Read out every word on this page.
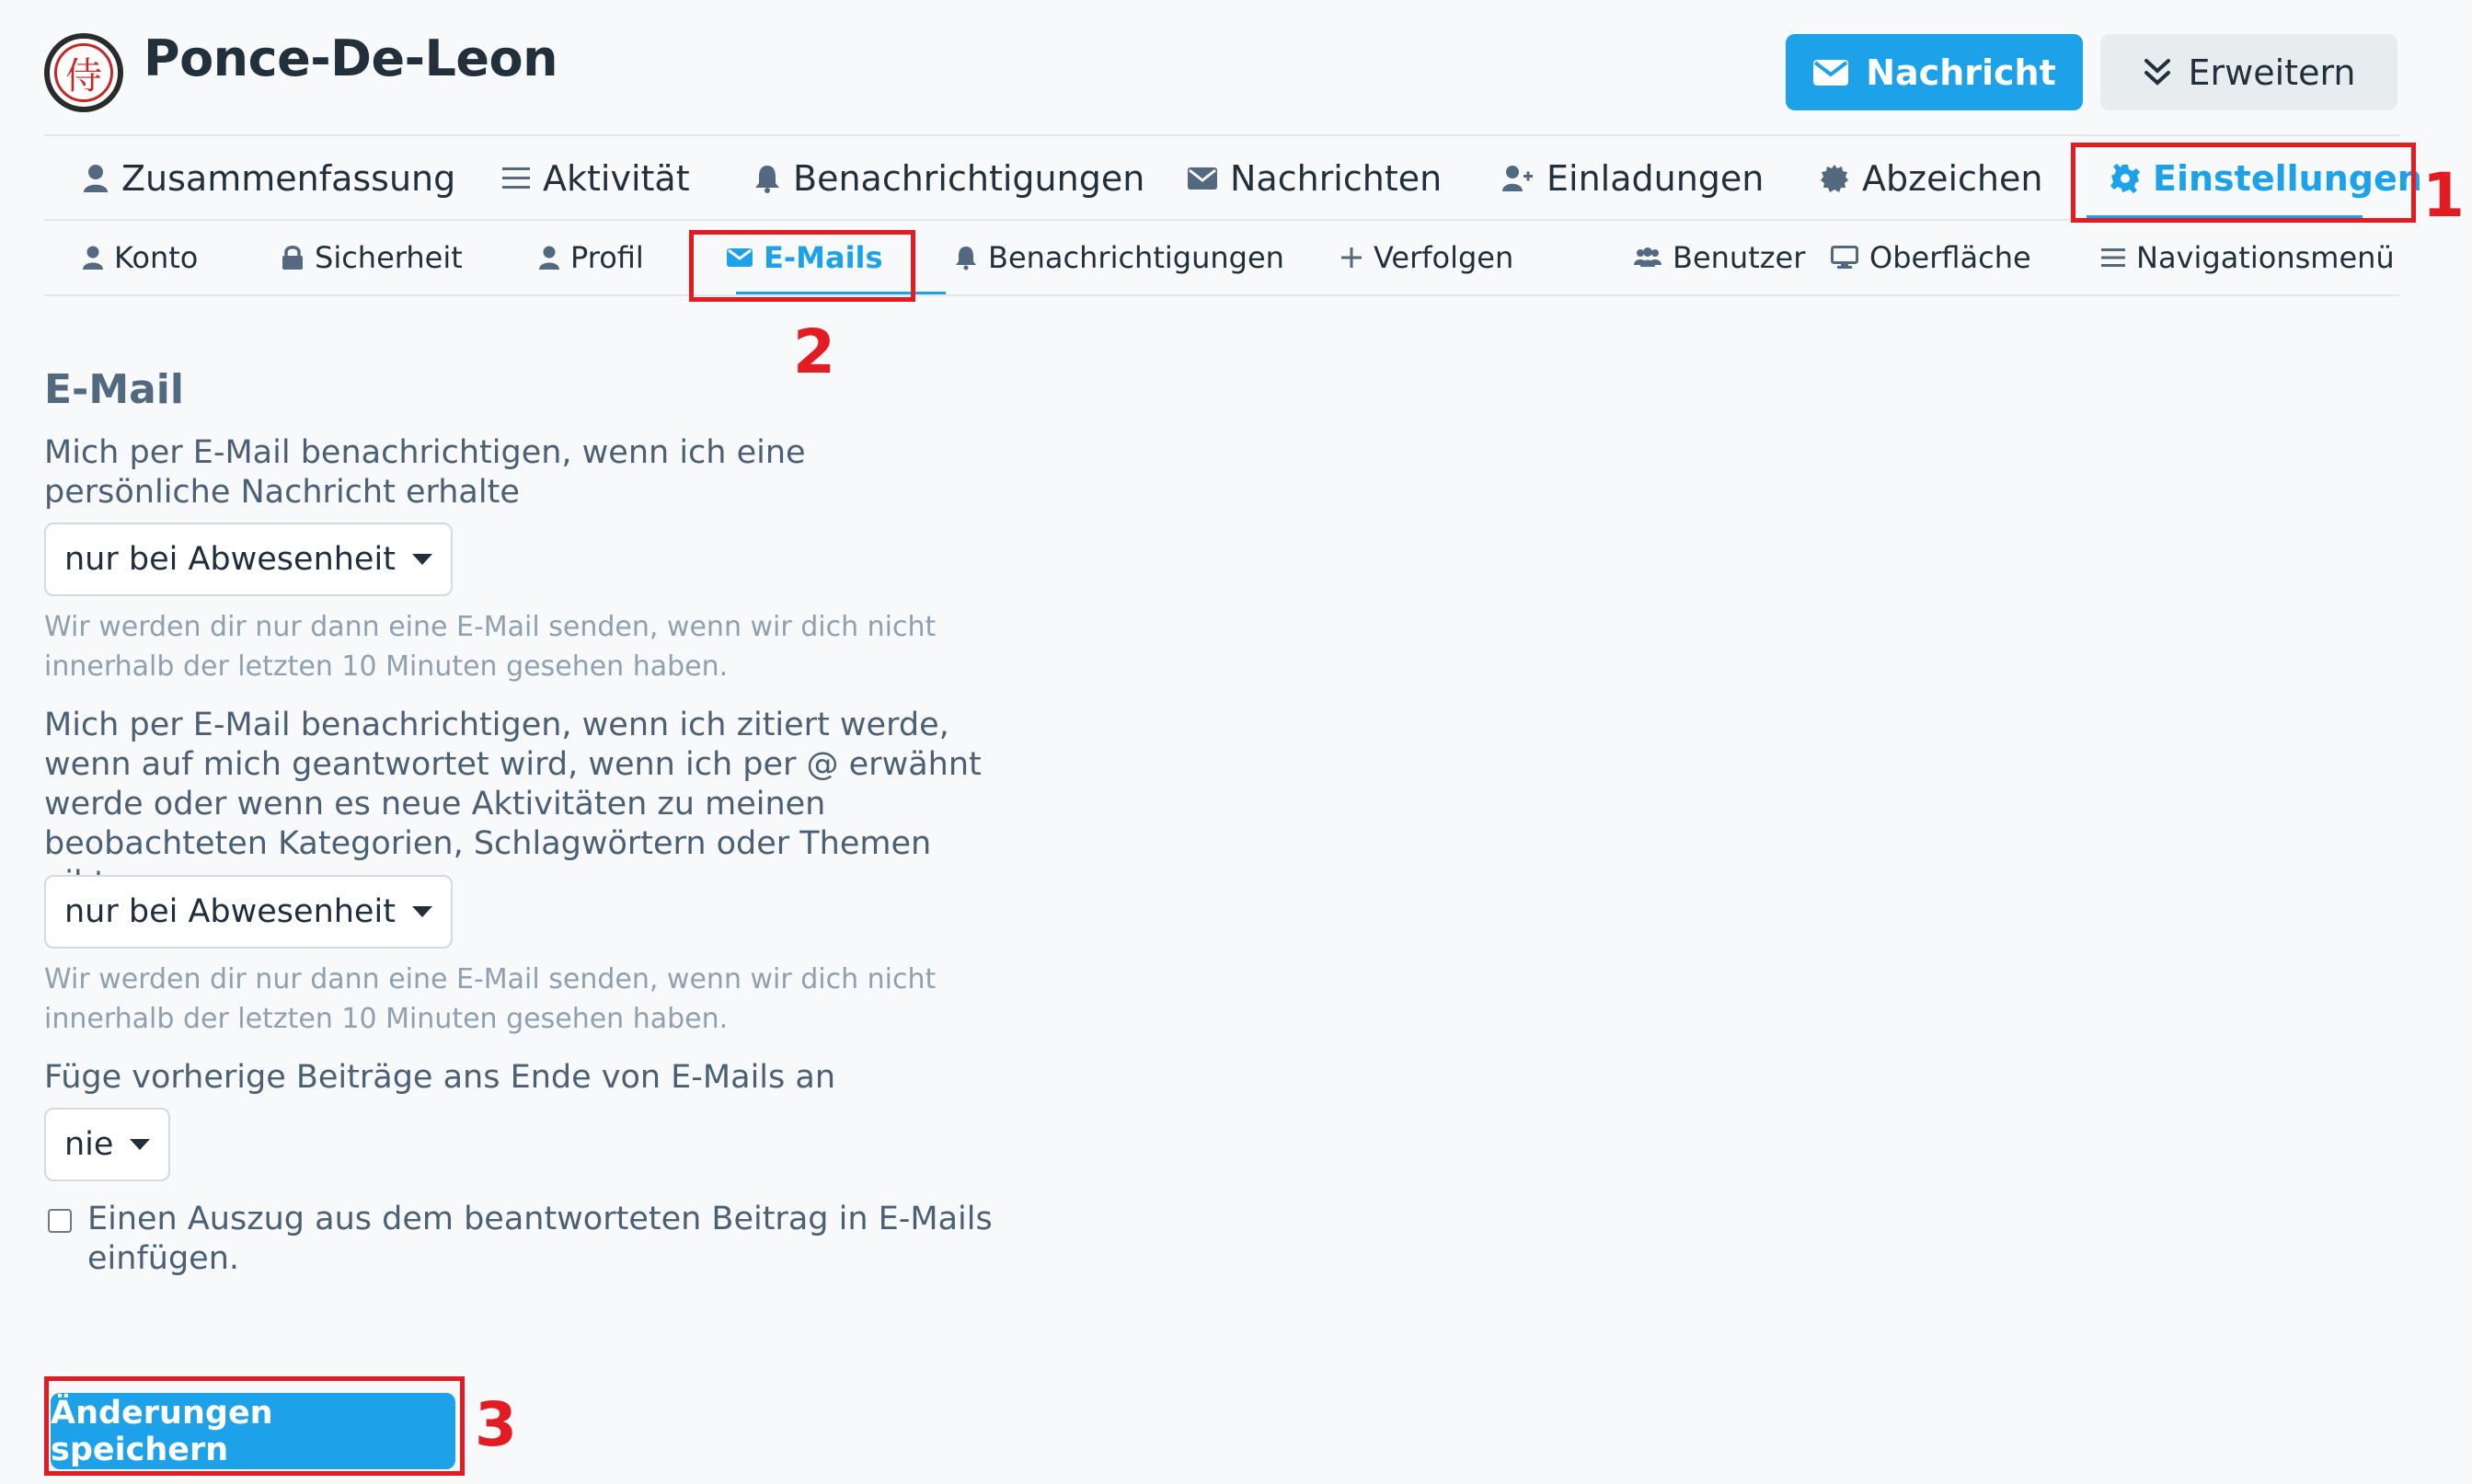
侍 Ponce-De-Leon	Nachricht	Erweitern
Zusammenfassung Aktivität	Benachrichtigungen Nachrichten	Einladungen	Abzeichen	Einstellungen
Konto	Sicherheit	Profil	E-Mails	Benachrichtigungen	Verfolgen	Benutzer Oberfläche	Navigationsmenü
1
2
3
E-Mail
Mich per E-Mail benachrichtigen, wenn ich eine persönliche Nachricht erhalte
nur bei Abwesenheit
Wir werden dir nur dann eine E-Mail senden, wenn wir dich nicht innerhalb der letzten 10 Minuten gesehen haben.
Mich per E-Mail benachrichtigen, wenn ich zitiert werde, wenn auf mich geantwortet wird, wenn ich per @ erwähnt werde oder wenn es neue Aktivitäten zu meinen beobachteten Kategorien, Schlagwörtern oder Themen
nur bei Abwesenheit
Wir werden dir nur dann eine E-Mail senden, wenn wir dich nicht innerhalb der letzten 10 Minuten gesehen haben.
Füge vorherige Beiträge ans Ende von E-Mails an
nie
Einen Auszug aus dem beantworteten Beitrag in E-Mails einfügen.
Änderungen speichern
